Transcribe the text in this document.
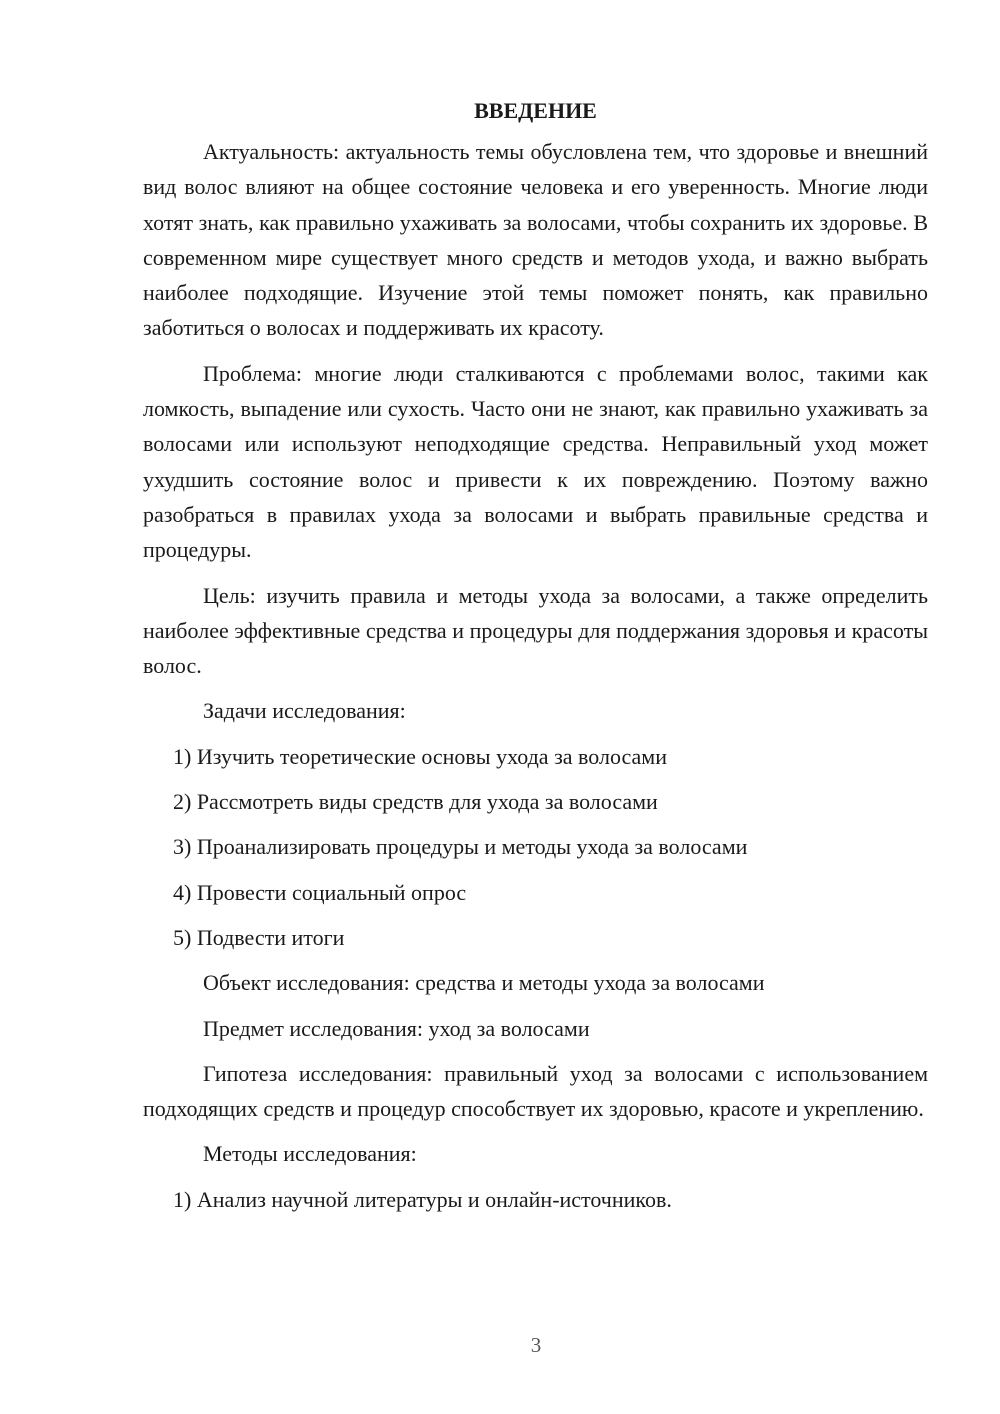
ВВЕДЕНИЕ

Актуальность: актуальность темы обусловлена тем, что здоровье и внешний вид волос влияют на общее состояние человека и его уверенность. Многие люди хотят знать, как правильно ухаживать за волосами, чтобы сохранить их здоровье. В современном мире существует много средств и методов ухода, и важно выбрать наиболее подходящие. Изучение этой темы поможет понять, как правильно заботиться о волосах и поддерживать их красоту.

Проблема: многие люди сталкиваются с проблемами волос, такими как ломкость, выпадение или сухость. Часто они не знают, как правильно ухаживать за волосами или используют неподходящие средства. Неправильный уход может ухудшить состояние волос и привести к их повреждению. Поэтому важно разобраться в правилах ухода за волосами и выбрать правильные средства и процедуры.

Цель: изучить правила и методы ухода за волосами, а также определить наиболее эффективные средства и процедуры для поддержания здоровья и красоты волос.

Задачи исследования:
1) Изучить теоретические основы ухода за волосами
2) Рассмотреть виды средств для ухода за волосами
3) Проанализировать процедуры и методы ухода за волосами
4) Провести социальный опрос
5) Подвести итоги
Объект исследования: средства и методы ухода за волосами
Предмет исследования: уход за волосами

Гипотеза исследования: правильный уход за волосами с использованием подходящих средств и процедур способствует их здоровью, красоте и укреплению.

Методы исследования:
1) Анализ научной литературы и онлайн-источников.
3
